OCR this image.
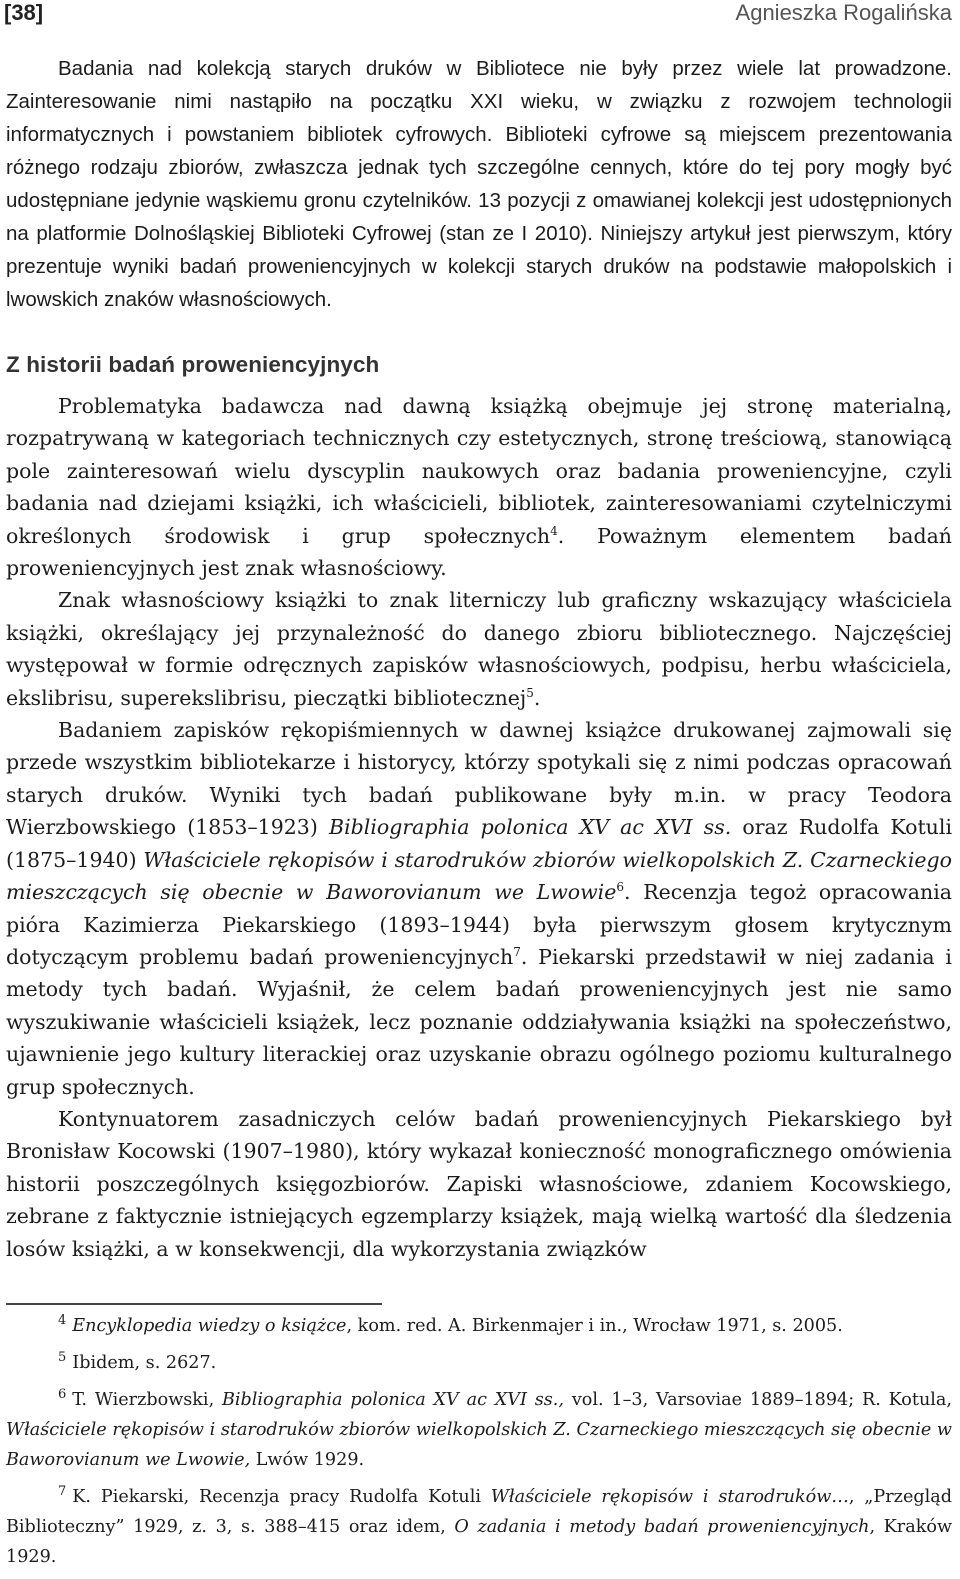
[38]	Agnieszka Rogalińska

Badania nad kolekcją starych druków w Bibliotece nie były przez wiele lat prowadzone. Zainteresowanie nimi nastąpiło na początku XXI wieku, w związku z rozwojem technologii informatycznych i powstaniem bibliotek cyfrowych. Biblioteki cyfrowe są miejscem prezentowania różnego rodzaju zbiorów, zwłaszcza jednak tych szczególne cennych, które do tej pory mogły być udostępniane jedynie wąskiemu gronu czytelników. 13 pozycji z omawianej kolekcji jest udostępnionych na platformie Dolnośląskiej Biblioteki Cyfrowej (stan ze I 2010). Niniejszy artykuł jest pierwszym, który prezentuje wyniki badań proweniencyjnych w kolekcji starych druków na podstawie małopolskich i lwowskich znaków własnościowych.

Z historii badań proweniencyjnych

Problematyka badawcza nad dawną książką obejmuje jej stronę materialną, rozpatrywaną w kategoriach technicznych czy estetycznych, stronę treściową, stanowiącą pole zainteresowań wielu dyscyplin naukowych oraz badania proweniencyjne, czyli badania nad dziejami książki, ich właścicieli, bibliotek, zainteresowaniami czytelniczymi określonych środowisk i grup społecznych$^4$. Poważnym elementem badań proweniencyjnych jest znak własnościowy.

Znak własnościowy książki to znak literniczy lub graficzny wskazujący właściciela książki, określający jej przynależność do danego zbioru bibliotecznego. Najczęściej występował w formie odręcznych zapisków własnościowych, podpisu, herbu właściciela, ekslibrisu, superekslibrisu, pieczątki bibliotecznej$^5$.

Badaniem zapisków rękopiśmiennych w dawnej książce drukowanej zajmowali się przede wszystkim bibliotekarze i historycy, którzy spotykali się z nimi podczas opracowań starych druków. Wyniki tych badań publikowane były m.in. w pracy Teodora Wierzbowskiego (1853–1923) Bibliographia polonica XV ac XVI ss. oraz Rudolfa Kotuli (1875–1940) Właściciele rękopisów i starodruków zbiorów wielkopolskich Z. Czarneckiego mieszczących się obecnie w Baworovianum we Lwowie$^6$. Recenzja tegoż opracowania pióra Kazimierza Piekarskiego (1893–1944) była pierwszym głosem krytycznym dotyczącym problemu badań proweniencyjnych$^7$. Piekarski przedstawił w niej zadania i metody tych badań. Wyjaśnił, że celem badań proweniencyjnych jest nie samo wyszukiwanie właścicieli książek, lecz poznanie oddziaływania książki na społeczeństwo, ujawnienie jego kultury literackiej oraz uzyskanie obrazu ogólnego poziomu kulturalnego grup społecznych.

Kontynuatorem zasadniczych celów badań proweniencyjnych Piekarskiego był Bronisław Kocowski (1907–1980), który wykazał konieczność monograficznego omówienia historii poszczególnych księgozbiorów. Zapiski własnościowe, zdaniem Kocowskiego, zebrane z faktycznie istniejących egzemplarzy książek, mają wielką wartość dla śledzenia losów książki, a w konsekwencji, dla wykorzystania związków

$^4$ Encyklopedia wiedzy o książce, kom. red. A. Birkenmajer i in., Wrocław 1971, s. 2005.

$^5$ Ibidem, s. 2627.

$^6$ T. Wierzbowski, Bibliographia polonica XV ac XVI ss., vol. 1–3, Varsoviae 1889–1894; R. Kotula, Właściciele rękopisów i starodruków zbiorów wielkopolskich Z. Czarneckiego mieszczących się obecnie w Baworovianum we Lwowie, Lwów 1929.

$^7$ K. Piekarski, Recenzja pracy Rudolfa Kotuli Właściciele rękopisów i starodruków…, „Przegląd Biblioteczny” 1929, z. 3, s. 388–415 oraz idem, O zadania i metody badań proweniencyjnych, Kraków 1929.
